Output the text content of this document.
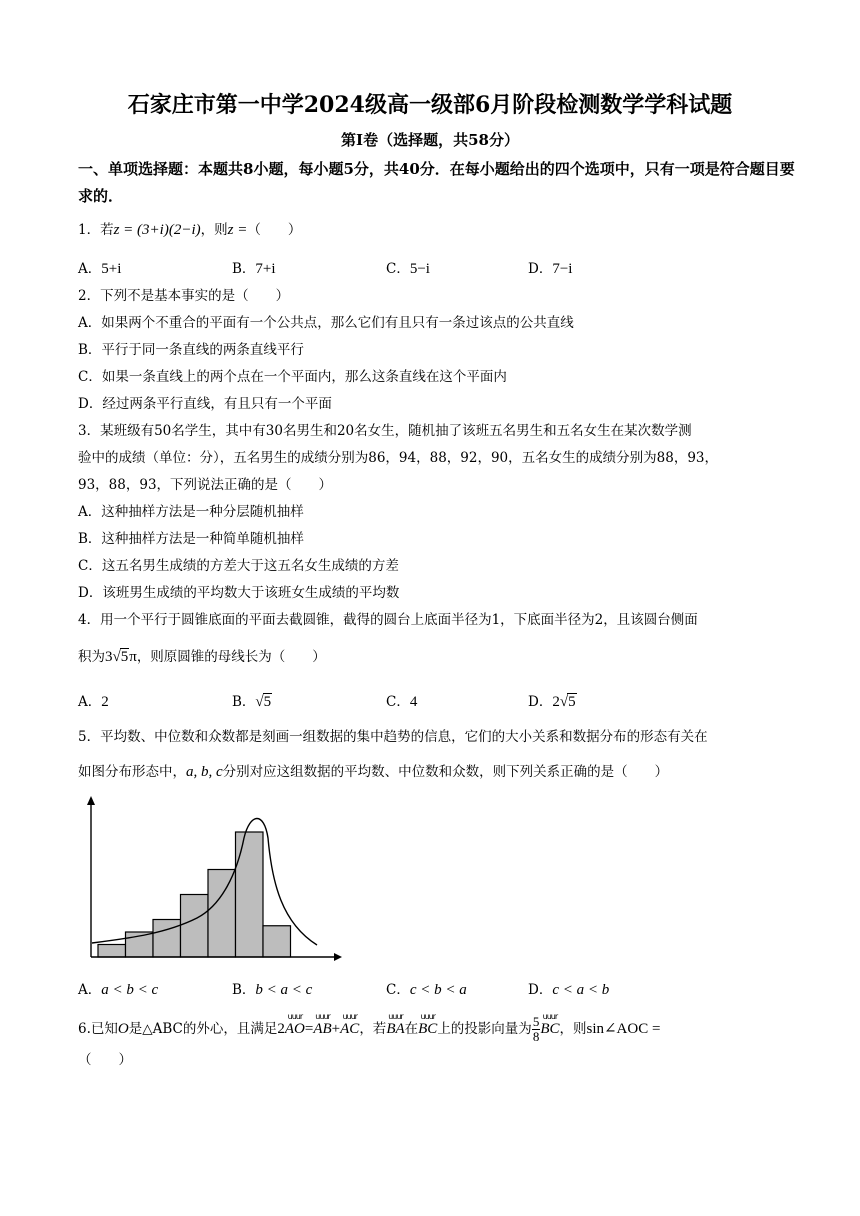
石家庄市第一中学2024级高一级部6月阶段检测数学学科试题
第Ⅰ卷（选择题，共58分）
一、单项选择题：本题共8小题，每小题5分，共40分．在每小题给出的四个选项中，只有一项是符合题目要求的．
1．若z = (3+i)(2−i)，则z =（　　）
A．5+i	B．7+i	C．5−i	D．7−i
2．下列不是基本事实的是（　　）
A．如果两个不重合的平面有一个公共点，那么它们有且只有一条过该点的公共直线
B．平行于同一条直线的两条直线平行
C．如果一条直线上的两个点在一个平面内，那么这条直线在这个平面内
D．经过两条平行直线，有且只有一个平面
3．某班级有50名学生，其中有30名男生和20名女生，随机抽了该班五名男生和五名女生在某次数学测
验中的成绩（单位：分），五名男生的成绩分别为86，94，88，92，90，五名女生的成绩分别为88，93，
93，88，93，下列说法正确的是（　　）
A．这种抽样方法是一种分层随机抽样
B．这种抽样方法是一种简单随机抽样
C．这五名男生成绩的方差大于这五名女生成绩的方差
D．该班男生成绩的平均数大于该班女生成绩的平均数
4．用一个平行于圆锥底面的平面去截圆锥，截得的圆台上底面半径为1，下底面半径为2，且该圆台侧面
积为3√5π，则原圆锥的母线长为（　　）
A．2	B．√5	C．4	D．2√5
5．平均数、中位数和众数都是刻画一组数据的集中趋势的信息，它们的大小关系和数据分布的形态有关在
如图分布形态中，a, b, c分别对应这组数据的平均数、中位数和众数，则下列关系正确的是（　　）
A．a < b < c	B．b < a < c	C．c < b < a	D．c < a < b
6.已知O是△ABC的外心，且满足2
uuur
AO=
uuur
AB+
uuur
AC，若
uuur
BA在
uuur
BC上的投影向量为 $\frac{5}{8}$ uuur
BC，则sin∠AOC =
（　　）
